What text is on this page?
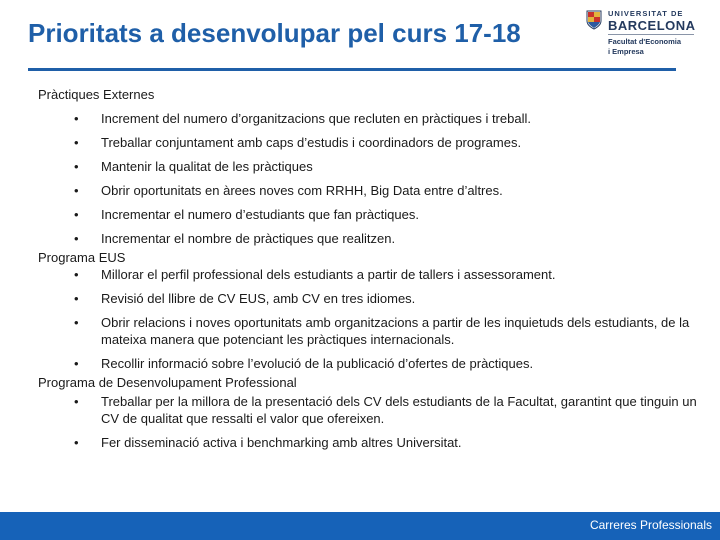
Prioritats a desenvolupar pel curs 17-18
UNIVERSITAT DE
BARCELONA
Facultat d'Economia
i Empresa
Pràctiques Externes
• Increment del numero d’organitzacions que recluten en pràctiques i treball.
• Treballar conjuntament amb caps d’estudis i coordinadors de programes.
• Mantenir la qualitat de les pràctiques
• Obrir oportunitats en àrees noves com RRHH, Big Data entre d’altres.
• Incrementar el numero d’estudiants que fan pràctiques.
• Incrementar el nombre de pràctiques que realitzen.
Programa EUS
• Millorar el perfil professional dels estudiants a partir de tallers i assessorament.
• Revisió del llibre de CV EUS, amb CV en tres idiomes.
• Obrir relacions i noves oportunitats amb organitzacions a partir de les inquietuds dels estudiants, de la mateixa manera que potenciant les pràctiques internacionals.
• Recollir informació sobre l’evolució de la publicació d’ofertes de pràctiques.
Programa de Desenvolupament Professional
• Treballar per la millora de la presentació dels CV dels estudiants de la Facultat, garantint que tinguin un CV de qualitat que ressalti el valor que ofereixen.
• Fer disseminació activa i benchmarking amb altres Universitat.
Carreres Professionals
